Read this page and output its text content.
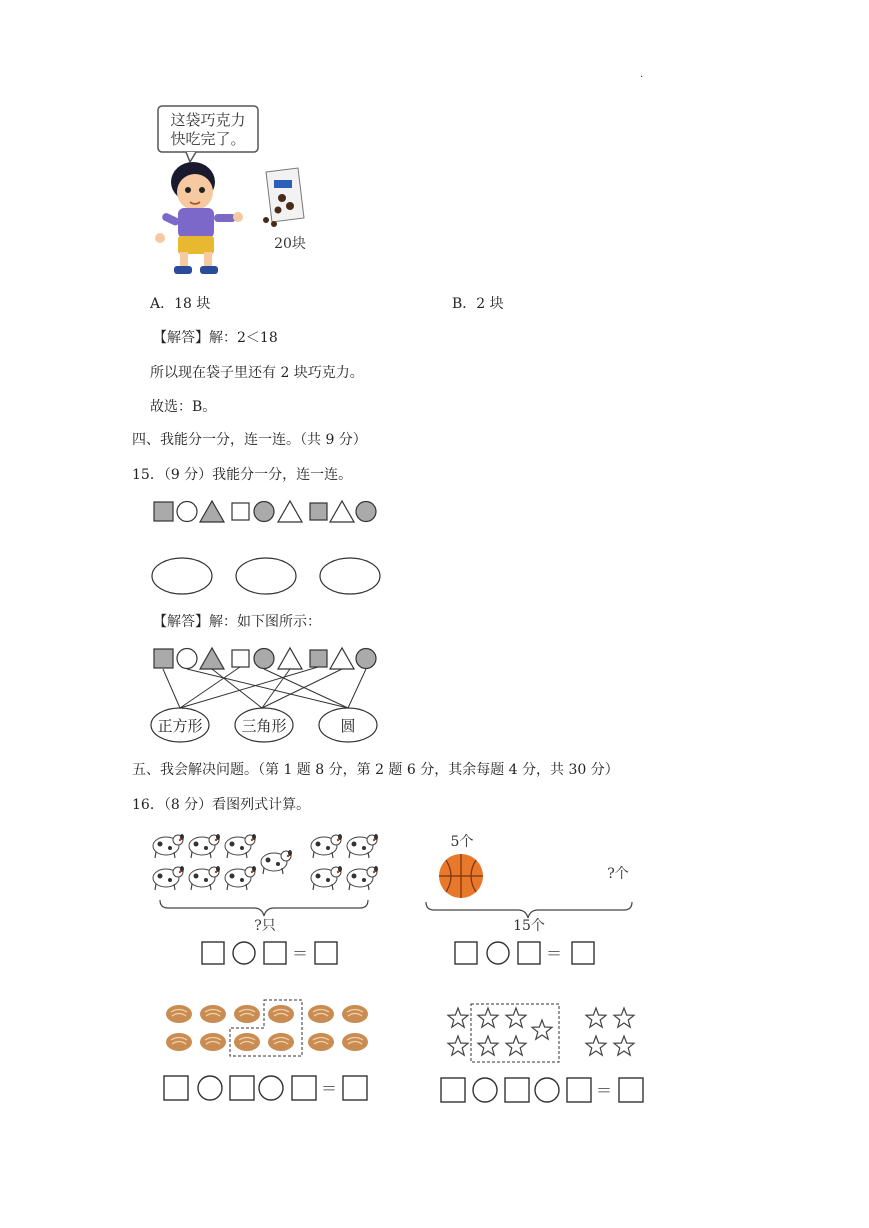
.
这袋巧克力
快吃完了。
20块
A．18 块	B．2 块
【解答】解：2＜18
所以现在袋子里还有 2 块巧克力。
故选：B。
四、我能分一分，连一连。（共 9 分）
15．（9 分）我能分一分，连一连。
【解答】解：如下图所示：
正方形	三角形	圆
五、我会解决问题。（第 1 题 8 分，第 2 题 6 分，其余每题 4 分，共 30 分）
16．（8 分）看图列式计算。
?只
＝
5个
?个
15个
＝
＝	＝
